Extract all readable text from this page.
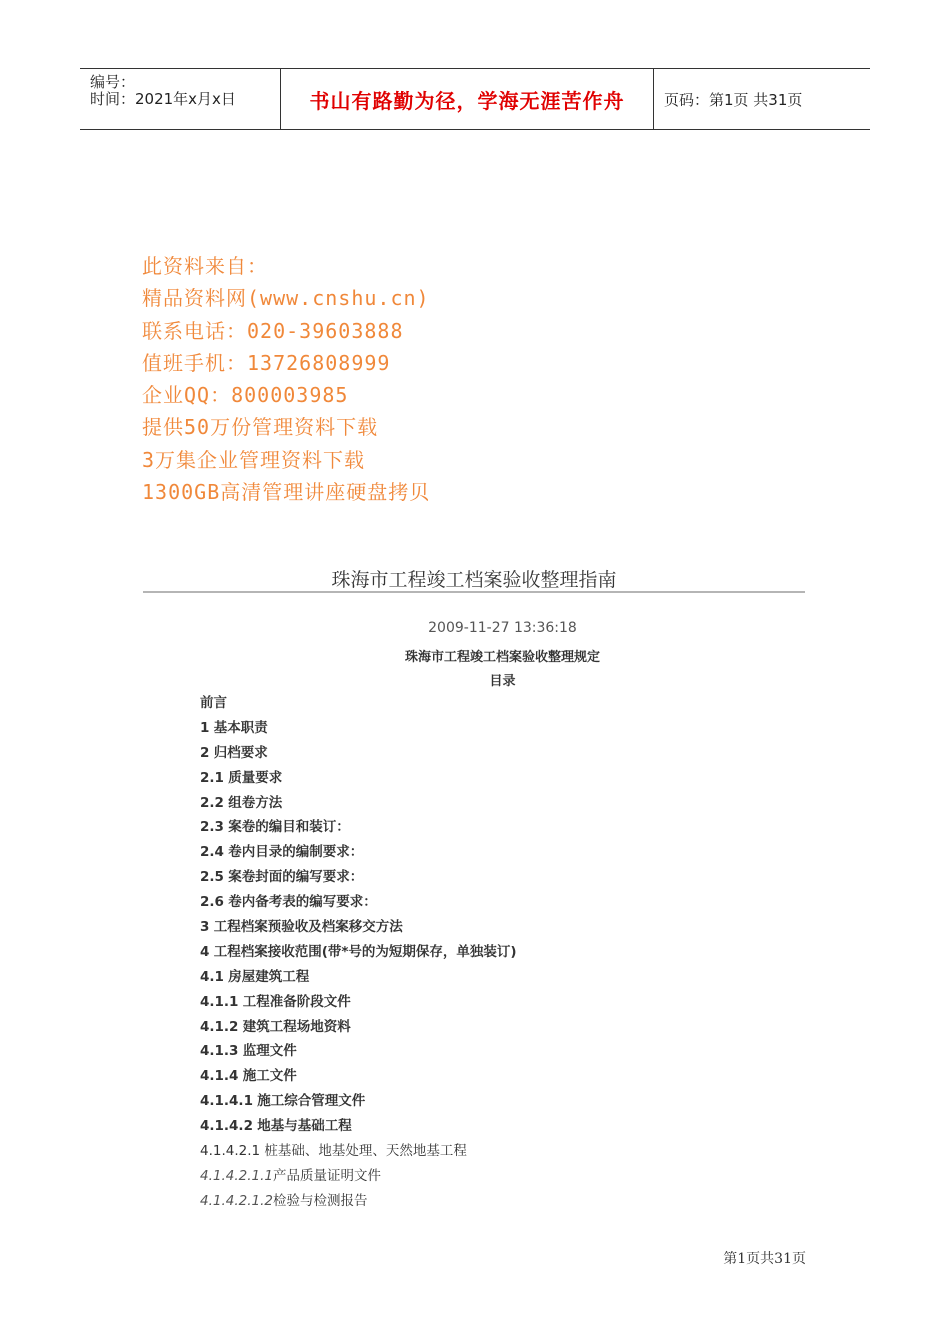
编号：
时间：2021年x月x日	书山有路勤为径，学海无涯苦作舟	页码：第1页 共31页
此资料来自：
精品资料网(www.cnshu.cn)
联系电话：020-39603888
值班手机：13726808999
企业QQ：800003985
提供50万份管理资料下载
3万集企业管理资料下载
1300GB高清管理讲座硬盘拷贝
珠海市工程竣工档案验收整理指南
2009-11-27 13:36:18
珠海市工程竣工档案验收整理规定
目录
前言
1 基本职责
2 归档要求
2.1 质量要求
2.2 组卷方法
2.3 案卷的编目和装订：
2.4 卷内目录的编制要求：
2.5 案卷封面的编写要求：
2.6 卷内备考表的编写要求：
3 工程档案预验收及档案移交方法
4 工程档案接收范围(带*号的为短期保存，单独装订)
4.1 房屋建筑工程
4.1.1 工程准备阶段文件
4.1.2 建筑工程场地资料
4.1.3 监理文件
4.1.4 施工文件
4.1.4.1 施工综合管理文件
4.1.4.2 地基与基础工程
4.1.4.2.1 桩基础、地基处理、天然地基工程
4.1.4.2.1.1产品质量证明文件
4.1.4.2.1.2检验与检测报告
第1页共31页
